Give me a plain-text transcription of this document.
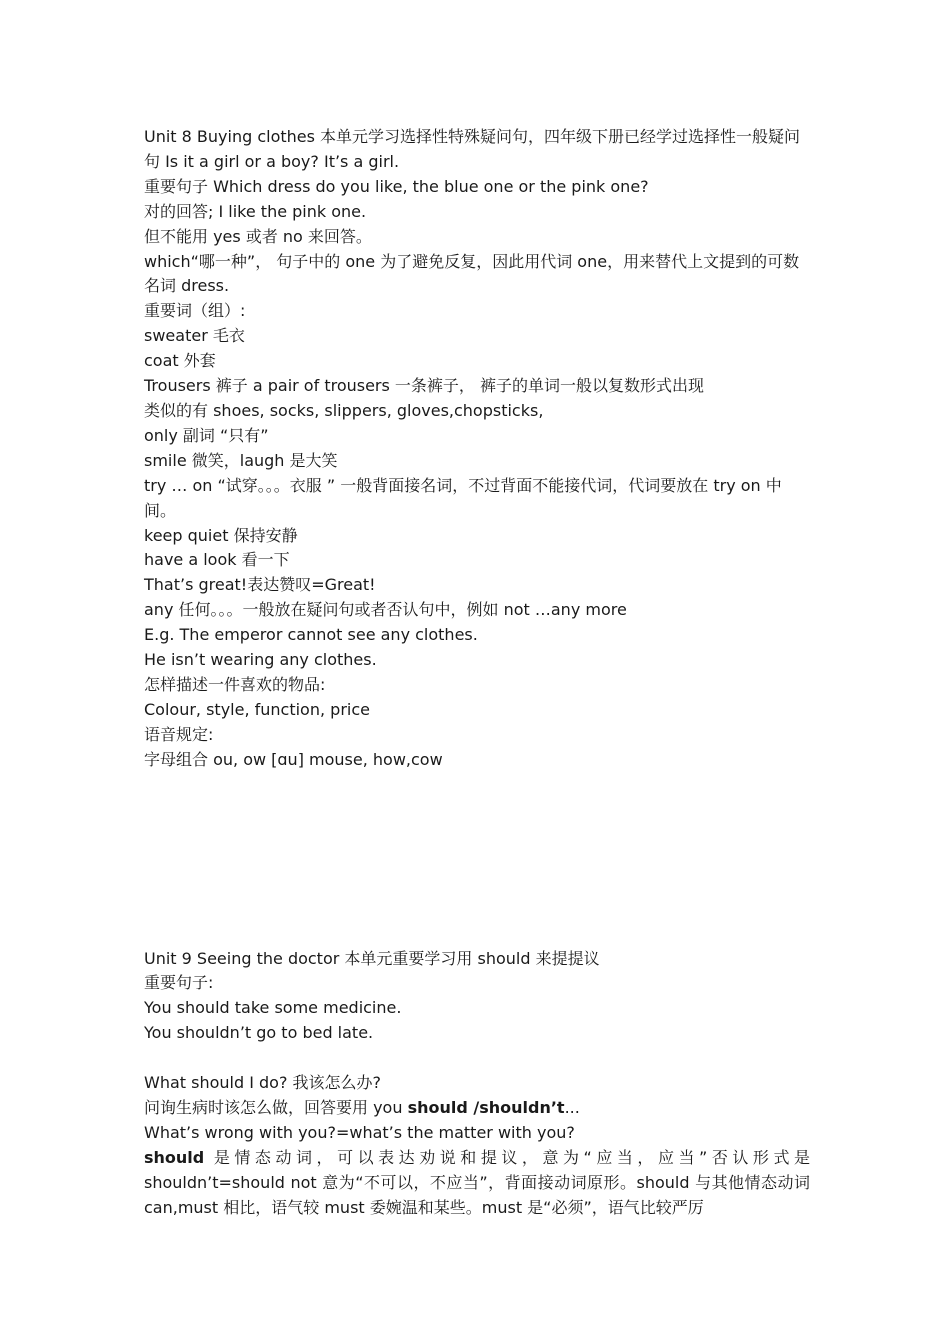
Unit 8 Buying clothes 本单元学习选择性特殊疑问句，四年级下册已经学过选择性一般疑问句 Is it a girl or a boy? It’s a girl.
重要句子 Which dress do you like, the blue one or the pink one?
对的回答; I like the pink one.
但不能用 yes 或者 no 来回答。
which“哪一种”， 句子中的 one 为了避免反复，因此用代词 one，用来替代上文提到的可数名词 dress.
重要词（组）:
sweater 毛衣
coat 外套
Trousers 裤子 a pair of trousers 一条裤子， 裤子的单词一般以复数形式出现
类似的有 shoes, socks, slippers, gloves,chopsticks,
only 副词 “只有”
smile 微笑，laugh 是大笑
try … on “试穿。。。衣服 ” 一般背面接名词，不过背面不能接代词，代词要放在 try on 中间。
keep quiet 保持安静
have a look 看一下
That’s great!表达赞叹=Great!
any 任何。。。一般放在疑问句或者否认句中，例如 not …any more
E.g. The emperor cannot see any clothes.
He isn’t wearing any clothes.
怎样描述一件喜欢的物品:
Colour, style, function, price
语音规定:
字母组合 ou, ow [ɑu] mouse, how,cow
Unit 9 Seeing the doctor 本单元重要学习用 should 来提提议
重要句子:
You should take some medicine.
You shouldn’t go to bed late.
What should I do? 我该怎么办?
问询生病时该怎么做，回答要用 you should /shouldn’t...
What’s wrong with you?=what’s the matter with you?
should 是情态动词，可以表达劝说和提议，意为“应当，应当”否认形式是 shouldn’t=should not 意为“不可以，不应当”，背面接动词原形。should 与其他情态动词 can,must 相比，语气较 must 委婉温和某些。must 是“必须”，语气比较严厉
